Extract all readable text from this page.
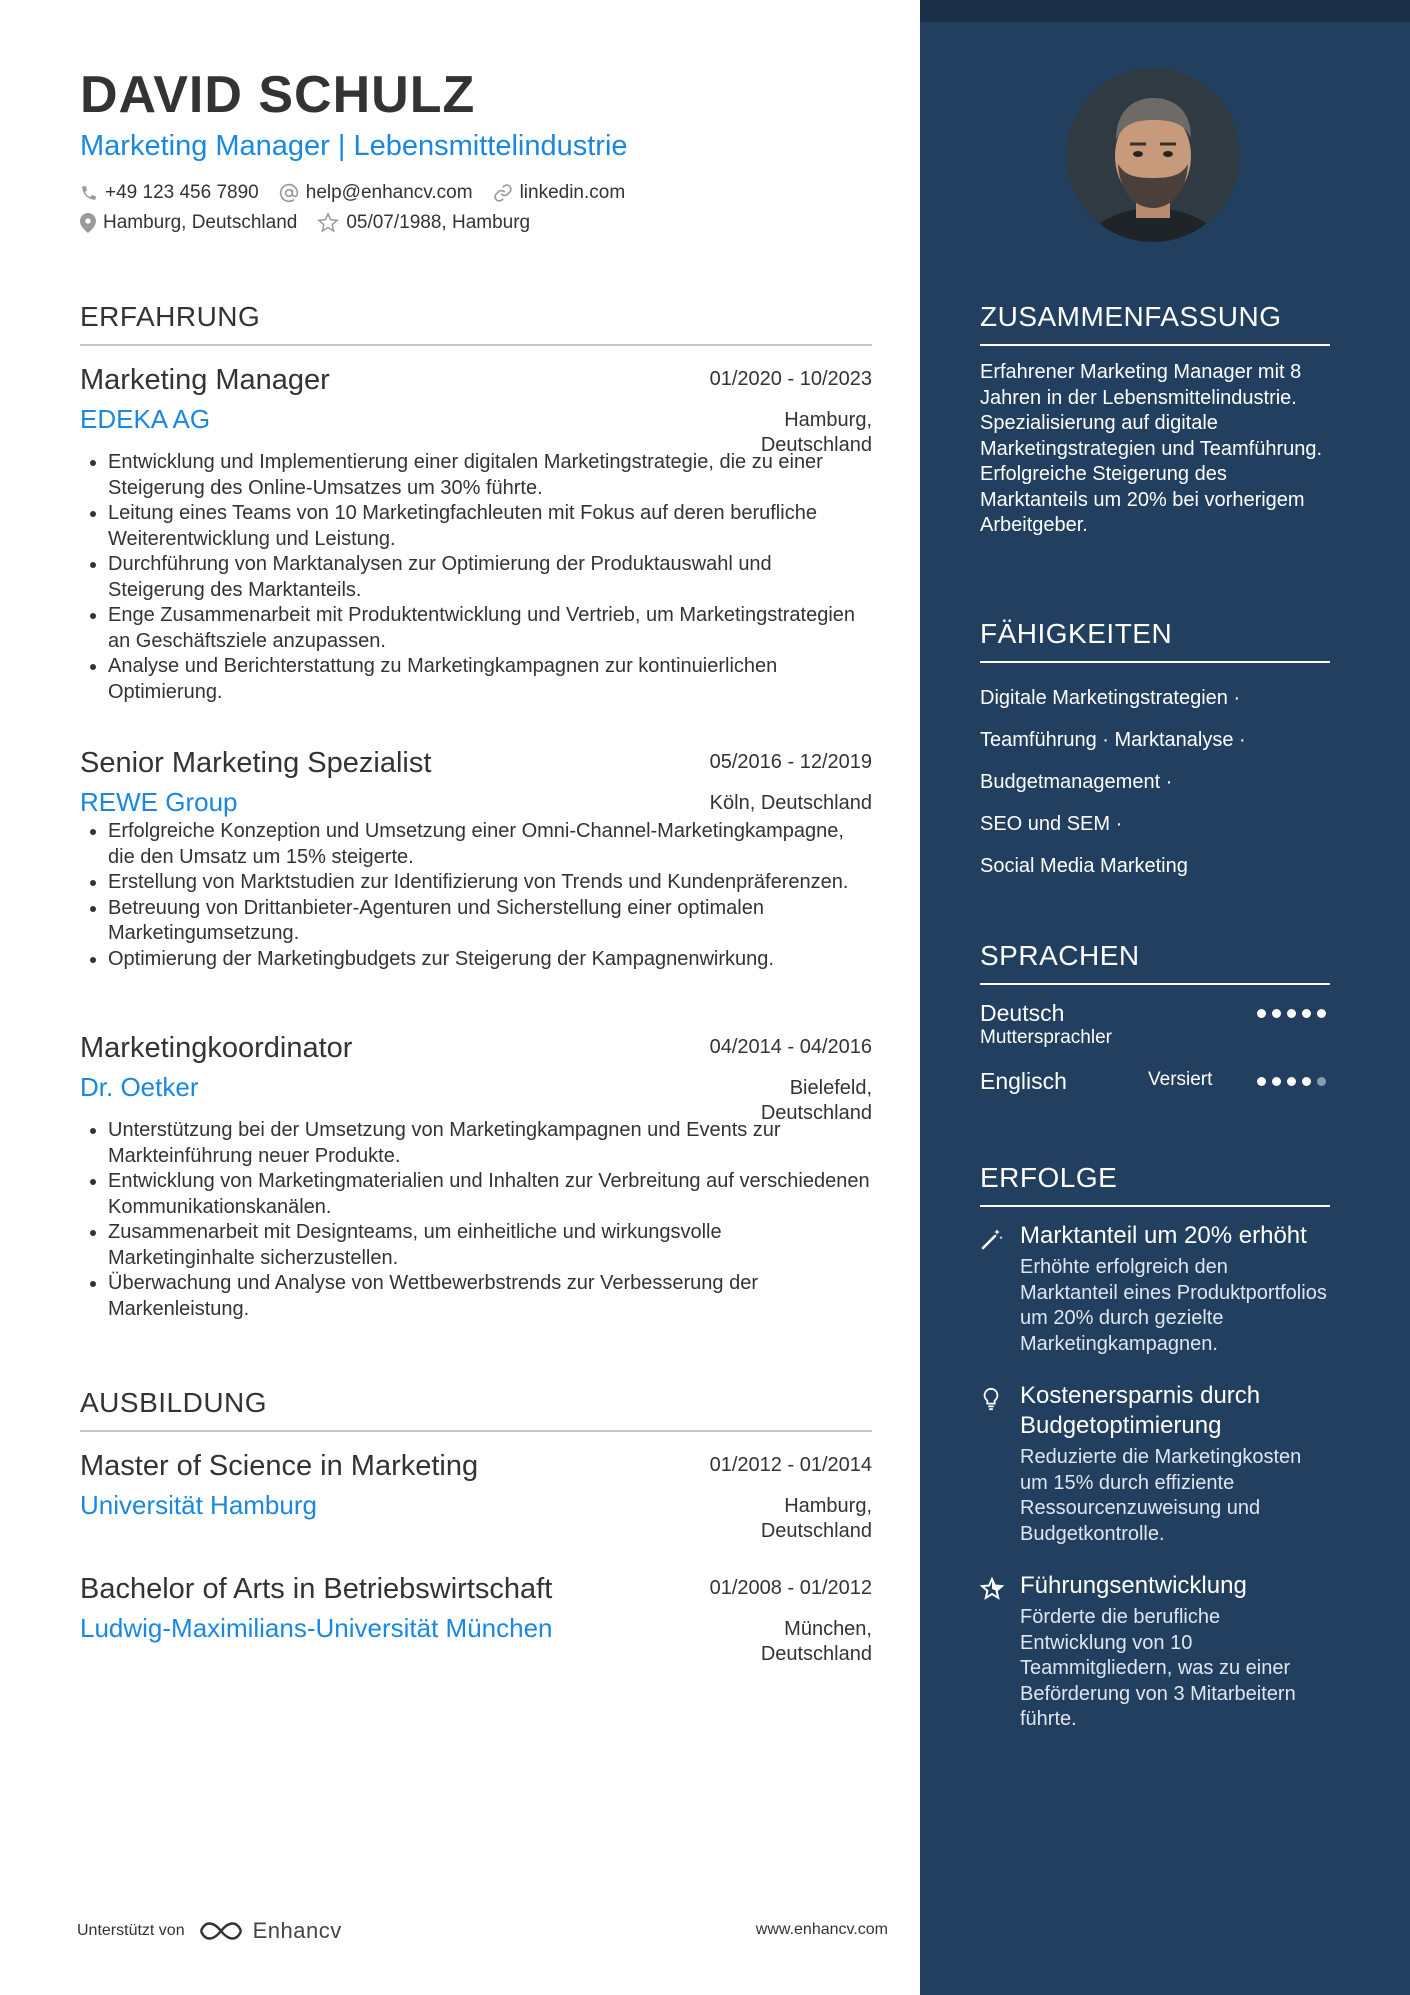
DAVID SCHULZ
Marketing Manager | Lebensmittelindustrie
+49 123 456 7890 help@enhancv.com linkedin.com
Hamburg, Deutschland	05/07/1988, Hamburg
ERFAHRUNG
Marketing Manager	01/2020 - 10/2023
EDEKA AG	Hamburg,
Deutschland
• Entwicklung und Implementierung einer digitalen Marketingstrategie, die zu einer Steigerung des Online-Umsatzes um 30% führte.
• Leitung eines Teams von 10 Marketingfachleuten mit Fokus auf deren berufliche Weiterentwicklung und Leistung.
• Durchführung von Marktanalysen zur Optimierung der Produktauswahl und Steigerung des Marktanteils.
• Enge Zusammenarbeit mit Produktentwicklung und Vertrieb, um Marketingstrategien an Geschäftsziele anzupassen.
• Analyse und Berichterstattung zu Marketingkampagnen zur kontinuierlichen Optimierung.
Senior Marketing Spezialist	05/2016 - 12/2019
REWE Group	Köln, Deutschland
• Erfolgreiche Konzeption und Umsetzung einer Omni-Channel-Marketingkampagne, die den Umsatz um 15% steigerte.
• Erstellung von Marktstudien zur Identifizierung von Trends und Kundenpräferenzen.
• Betreuung von Drittanbieter-Agenturen und Sicherstellung einer optimalen Marketingumsetzung.
• Optimierung der Marketingbudgets zur Steigerung der Kampagnenwirkung.
Marketingkoordinator	04/2014 - 04/2016
Dr. Oetker	Bielefeld,
Deutschland
• Unterstützung bei der Umsetzung von Marketingkampagnen und Events zur Markteinführung neuer Produkte.
• Entwicklung von Marketingmaterialien und Inhalten zur Verbreitung auf verschiedenen Kommunikationskanälen.
• Zusammenarbeit mit Designteams, um einheitliche und wirkungsvolle Marketinginhalte sicherzustellen.
• Überwachung und Analyse von Wettbewerbstrends zur Verbesserung der Markenleistung.
AUSBILDUNG
Master of Science in Marketing	01/2012 - 01/2014
Universität Hamburg	Hamburg,
Deutschland
Bachelor of Arts in Betriebswirtschaft	01/2008 - 01/2012
Ludwig-Maximilians-Universität München	München,
Deutschland
Unterstützt von	Enhancv	www.enhancv.com
ZUSAMMENFASSUNG
Erfahrener Marketing Manager mit 8 Jahren in der Lebensmittelindustrie. Spezialisierung auf digitale Marketingstrategien und Teamführung. Erfolgreiche Steigerung des Marktanteils um 20% bei vorherigem Arbeitgeber.
FÄHIGKEITEN
Digitale Marketingstrategien ·
Teamführung · Marktanalyse ·
Budgetmanagement ·
SEO und SEM ·
Social Media Marketing
SPRACHEN
Deutsch
Muttersprachler
Englisch	Versiert
ERFOLGE
Marktanteil um 20% erhöht
Erhöhte erfolgreich den Marktanteil eines Produktportfolios um 20% durch gezielte Marketingkampagnen.
Kostenersparnis durch Budgetoptimierung
Reduzierte die Marketingkosten um 15% durch effiziente Ressourcenzuweisung und Budgetkontrolle.
Führungsentwicklung
Förderte die berufliche Entwicklung von 10 Teammitgliedern, was zu einer Beförderung von 3 Mitarbeitern führte.
